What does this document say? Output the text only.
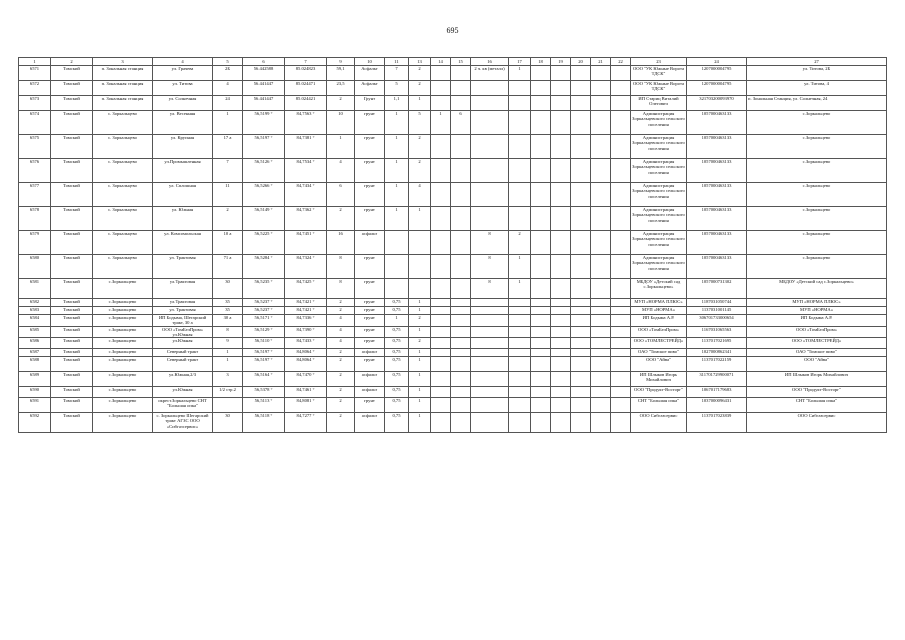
695
1	2	3	4	5	6	7	9	10	11	13	14	15	16	17	18	19	20	21	22	23	24	27
6571	Томский	п. Зональная станция	ул. Грачева	2Б	56.442588	85.024823	59,1	Асфальт	7	2			2 ч. кв (металл)	1						ООО "УК Южные Ворота ТДСК"	1207000004795	ул. Титова, 2Б
6572	Томский	п. Зональная станция	ул. Титова	4	56.441447	85.024471	23,5	Асфальт	5	2										ООО "УК Южные Ворота ТДСК"	1207000004795	ул. Титова, 4
6573	Томский	п. Зональная станция	ул. Солнечная	24	56.441447	85.024421	2	Грунт	1,1	1										ИП Стариц Виталий Олегович	321703200093970	п. Зональная Станция, ул. Солнечная, 24
6574	Томский	с. Зоркальцево	ул. Весенняя	1	56,5199 °	84,7563 °	10	грунт	1	5	1	6								Администрация Зоркальцевского сельского поселения	1057000463133	с.Зоркальцево
6575	Томский	с. Зоркальцево	ул. Крупная	17 а	56,5197 °	84,7381 °	1	грунт	1	2										Администрация Зоркальцевского сельского поселения	1057000463133	с.Зоркальцево
6576	Томский	с. Зоркальцево	ул.Промышленная	7	56,5126 °	84,7534 °	4	грунт	1	2										Администрация Зоркальцевского сельского поселения	1057000463133	с.Зоркальцево
6577	Томский	с. Зоркальцево	ул. Сплошная	11	56,5266 °	84,7434 °	6	грунт	1	4										Администрация Зоркальцевского сельского поселения	1057000463133	с.Зоркальцево
6578	Томский	с. Зоркальцево	ул. Южная	2	56,5149 °	84,7362 °	2	грунт	1	1										Администрация Зоркальцевского сельского поселения	1057000463133	с.Зоркальцево
6579	Томский	с. Зоркальцево	ул. Комсомольская	10 а	56,5225 °	84,7451 °	16	асфальт					8	2						Администрация Зоркальцевского сельского поселения	1057000463133	с.Зоркальцево
6580	Томский	с. Зоркальцево	ул. Трактовая	71 а	56,5284 °	84,7324 °	8	грунт					8	1						Администрация Зоркальцевского сельского поселения	1057000463133	с.Зоркальцево
6581	Томский	с.Зоркальцево	ул.Трактовая	30	56,5235 °	84,7425 °	8	грунт					8	1						МБДОУ «Детский сад с.Зоркальцево»	1057000731302	МБДОУ «Детский сад с.Зоркальцево»
6582	Томский	с.Зоркальцево	ул.Трактовая	35	56,5237 °	84,7421 °	2	грунт	0,75	1										МУП «НОРМА ПЛЮС»	1187031050744	МУП «НОРМА ПЛЮС»
6583	Томский	с.Зоркальцево	ул. Трактовая	35	56,5237 °	84,7421 °	2	грунт	0,75	1										МУП «НОРМА»	1137031001145	МУП «НОРМА»
6584	Томский	с.Зоркальцево	ИП Бодыма, Шегарский тракт, 30 а	30 а	56,5171 °	84,7336 °	4	грунт	1	2										ИП Бодыма А.Р.	306701733000654	ИП Бодыма А.Р.
6585	Томский	с.Зоркальцево	ООО «ТомБелПром» ул.Южная	8	56,5129 °	84,7390 °	4	грунт	0,75	1										ООО «ТомБелПром»	1167031065563	ООО «ТомБелПром»
6586	Томский	с.Зоркальцево	ул.Южная	9	56,5110 °	84,7433 °	4	грунт	0,75	2										ООО «ТОМЛЕСТРЕЙД»	1137017021695	ООО «ТОМЛЕСТРЕЙД»
6587	Томский	с.Зоркальцево	Северный тракт	1	56,5197 °	84,8064 °	2	асфальт	0,75	1										ОАО "Томское пиво"	1027000862341	ОАО "Томское пиво"
6588	Томский	с.Зоркальцево	Северный тракт	1	56,5197 °	84,8064 °	2	грунт	0,75	1										ООО "Айва"	1137017022159	ООО "Айва"
6589	Томский	с.Зоркальцево	ул.Южная,2/3	3	56,5164 °	84,7470 °	2	асфальт	0,75	1										ИП Шлыков Игорь Михайлович	311701729900071	ИП Шлыков Игорь Михайлович
6590	Томский	с.Зоркальцево	ул.Южная	1/2 стр.2	56,5378 °	84,7461 °	2	асфальт	0,75	1										ООО "Продукт-Восторг"	1067017179683	ООО "Продукт-Восторг"
6591	Томский	с.Зоркальцево	окрест.Зоркальцево СНТ "Большая опка"		56,5113 °	84,8081 °	2	грунт	0,75	1										СНТ "Большая опка"	1037000096431	СНТ "Большая опка"
6592	Томский	с.Зоркальцево	с. Зоркальцево Шегарский тракт АГЗС ООО «Сибгазсервис»	30	56,5118 °	84,7277 °	2	асфальт	0,75	1										ООО Сибгазсервис	1137017023839	ООО Сибгазсервис
